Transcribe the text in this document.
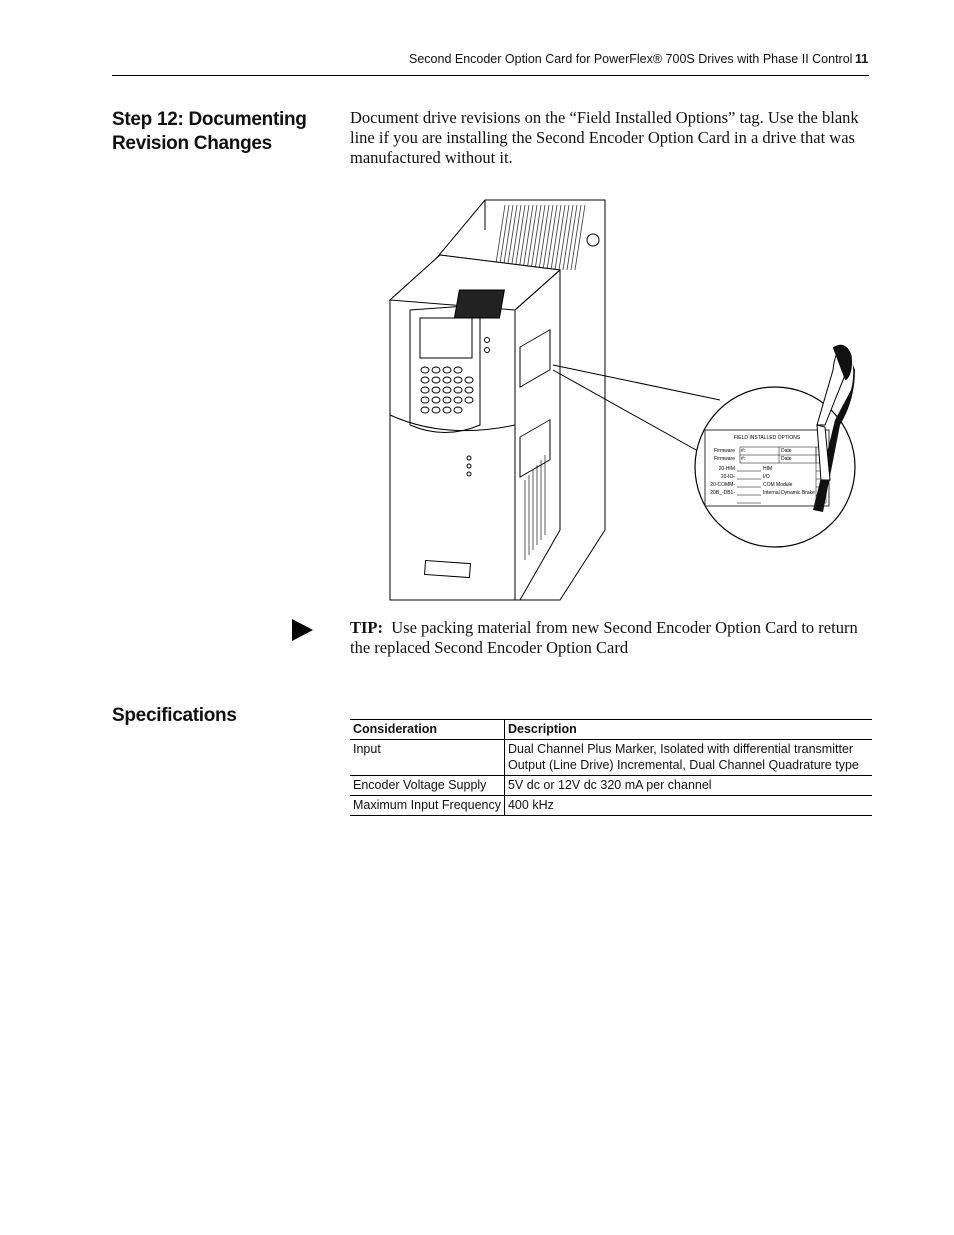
Second Encoder Option Card for PowerFlex® 700S Drives with Phase II Control 11
Step 12: Documenting
Revision Changes
Document drive revisions on the “Field Installed Options” tag. Use the blank line if you are installing the Second Encoder Option Card in a drive that was manufactured without it.
FIELD INSTALLED OPTIONS
Firmware #:	Date
Firmware #:	Date
20-HIM	HIM
20-IO-	I/O
20-COMM-	COM Module
20B_-DB1-	Internal Dynamic Brake
TIP: Use packing material from new Second Encoder Option Card to return the replaced Second Encoder Option Card
Specifications
Consideration	Description
Input	Dual Channel Plus Marker, Isolated with differential transmitter Output (Line Drive) Incremental, Dual Channel Quadrature type
Encoder Voltage Supply	5V dc or 12V dc 320 mA per channel
Maximum Input Frequency	400 kHz
